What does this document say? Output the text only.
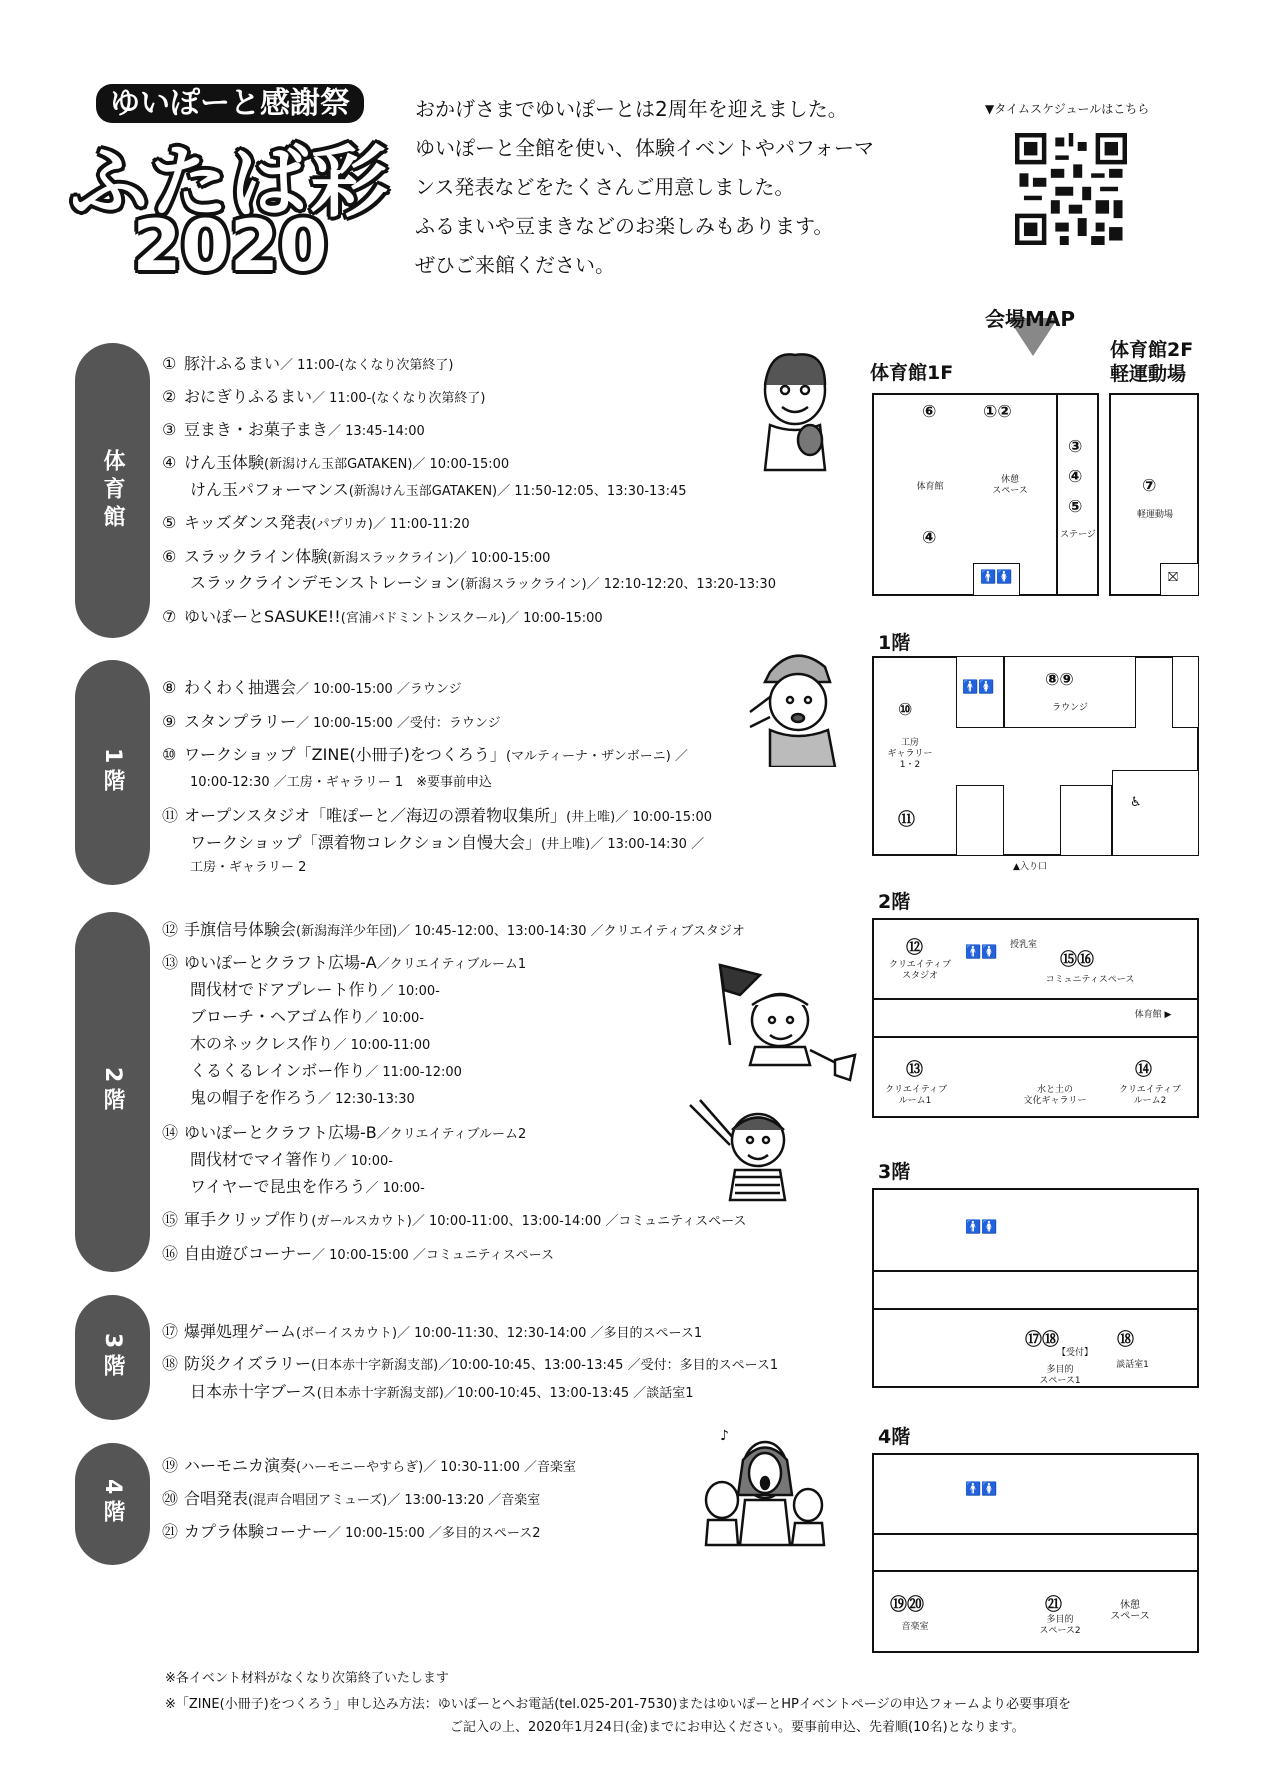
ゆいぽーと感謝祭
ふたば彩
2020
おかげさまでゆいぽーとは2周年を迎えました。
ゆいぽーと全館を使い、体験イベントやパフォーマ
ンス発表などをたくさんご用意しました。
ふるまいや豆まきなどのお楽しみもあります。
ぜひご来館ください。
▼タイムスケジュールはこちら
会場MAP
体育館
1階
2階
3階
4階
① 豚汁ふるまい／ 11:00-(なくなり次第終了)
② おにぎりふるまい／ 11:00-(なくなり次第終了)
③ 豆まき・お菓子まき／ 13:45-14:00
④ けん玉体験(新潟けん玉部GATAKEN)／ 10:00-15:00
けん玉パフォーマンス(新潟けん玉部GATAKEN)／ 11:50-12:05、13:30-13:45
⑤ キッズダンス発表(パプリカ)／ 11:00-11:20
⑥ スラックライン体験(新潟スラックライン)／ 10:00-15:00
スラックラインデモンストレーション(新潟スラックライン)／ 12:10-12:20、13:20-13:30
⑦ ゆいぽーとSASUKE!!(宮浦バドミントンスクール)／ 10:00-15:00
⑧ わくわく抽選会／ 10:00-15:00 ／ラウンジ
⑨ スタンプラリー／ 10:00-15:00 ／受付：ラウンジ
⑩ ワークショップ「ZINE(小冊子)をつくろう」(マルティーナ・ザンボーニ) ／
10:00-12:30 ／工房・ギャラリー 1　※要事前申込
⑪ オープンスタジオ「唯ぽーと／海辺の漂着物収集所」(井上唯)／ 10:00-15:00
ワークショップ「漂着物コレクション自慢大会」(井上唯)／ 13:00-14:30 ／
工房・ギャラリー 2
⑫ 手旗信号体験会(新潟海洋少年団)／ 10:45-12:00、13:00-14:30 ／クリエイティブスタジオ
⑬ ゆいぽーとクラフト広場-A／クリエイティブルーム1
間伐材でドアプレート作り／ 10:00-
ブローチ・ヘアゴム作り／ 10:00-
木のネックレス作り／ 10:00-11:00
くるくるレインボー作り／ 11:00-12:00
鬼の帽子を作ろう／ 12:30-13:30
⑭ ゆいぽーとクラフト広場-B／クリエイティブルーム2
間伐材でマイ箸作り／ 10:00-
ワイヤーで昆虫を作ろう／ 10:00-
⑮ 軍手クリップ作り(ガールスカウト)／ 10:00-11:00、13:00-14:00 ／コミュニティスペース
⑯ 自由遊びコーナー／ 10:00-15:00 ／コミュニティスペース
⑰ 爆弾処理ゲーム(ボーイスカウト)／ 10:00-11:30、12:30-14:00 ／多目的スペース1
⑱ 防災クイズラリー(日本赤十字新潟支部)／10:00-10:45、13:00-13:45 ／受付：多目的スペース1
日本赤十字ブース(日本赤十字新潟支部)／10:00-10:45、13:00-13:45 ／談話室1
⑲ ハーモニカ演奏(ハーモニーやすらぎ)／ 10:30-11:00 ／音楽室
⑳ 合唱発表(混声合唱団アミューズ)／ 13:00-13:20 ／音楽室
㉑ カプラ体験コーナー／ 10:00-15:00 ／多目的スペース2
♪
体育館1F
体育館
休憩
スペース
ステージ
⑥	①②
③
④
⑤
④
🚹🚺
体育館2F
軽運動場
⑦
軽運動場
⛝
1階
🚹🚺	⑧⑨
ラウンジ
工房
ギャラリー
1・2
⑩
⑪
♿
▲入り口
2階
⑫
クリエイティブ
スタジオ
🚹🚺 授乳室
⑮⑯
コミュニティスペース
体育館 ▶
⑬
クリエイティブ
ルーム1
水と土の
文化ギャラリー
⑭
クリエイティブ
ルーム2
3階
🚹🚺
⑰⑱
【受付】
多目的
スペース1
⑱
談話室1
4階
🚹🚺
⑲⑳
音楽室
㉑
多目的
スペース2
休憩
スペース
※各イベント材料がなくなり次第終了いたします
※「ZINE(小冊子)をつくろう」申し込み方法：ゆいぽーとへお電話(tel.025-201-7530)またはゆいぽーとHPイベントページの申込フォームより必要事項を
ご記入の上、2020年1月24日(金)までにお申込ください。要事前申込、先着順(10名)となります。
